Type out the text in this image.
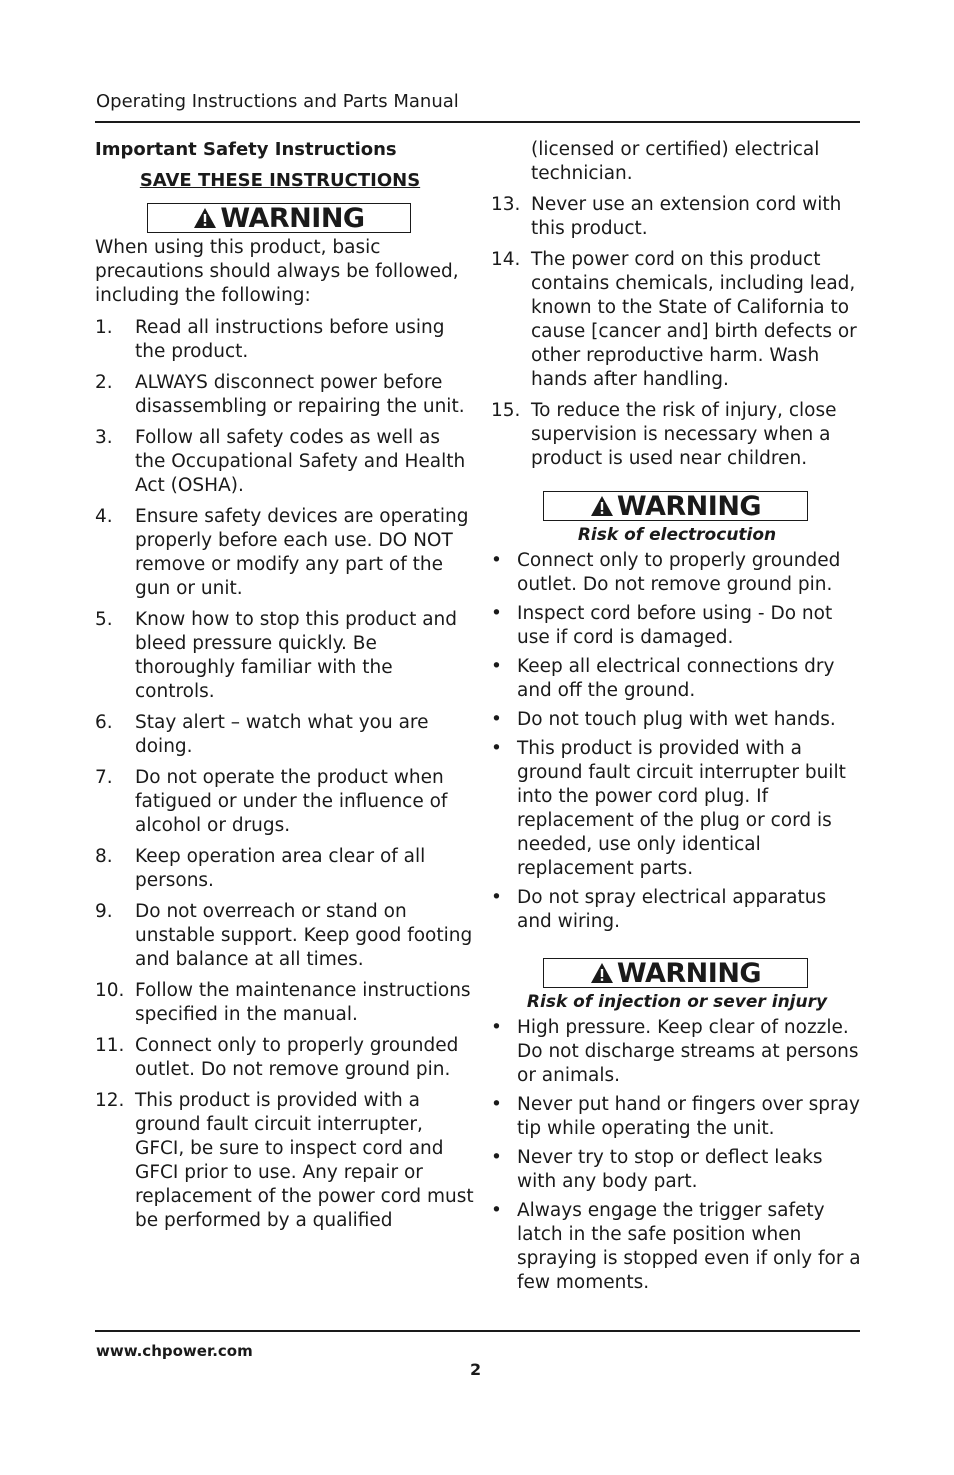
Operating Instructions and Parts Manual
Important Safety Instructions
SAVE THESE INSTRUCTIONS
WARNING

When using this product, basic precautions should always be followed, including the following:

1. Read all instructions before using the product.
2. ALWAYS disconnect power before disassembling or repairing the unit.
3. Follow all safety codes as well as the Occupational Safety and Health Act (OSHA).
4. Ensure safety devices are operating properly before each use. DO NOT remove or modify any part of the gun or unit.
5. Know how to stop this product and bleed pressure quickly. Be thoroughly familiar with the controls.
6. Stay alert – watch what you are doing.
7. Do not operate the product when fatigued or under the influence of alcohol or drugs.
8. Keep operation area clear of all persons.
9. Do not overreach or stand on unstable support. Keep good footing and balance at all times.
10. Follow the maintenance instructions specified in the manual.
11. Connect only to properly grounded outlet. Do not remove ground pin.
12. This product is provided with a ground fault circuit interrupter, GFCI, be sure to inspect cord and GFCI prior to use. Any repair or replacement of the power cord must be performed by a qualified

(licensed or certified) electrical technician.

13. Never use an extension cord with this product.
14. The power cord on this product contains chemicals, including lead, known to the State of California to cause [cancer and] birth defects or other reproductive harm. Wash hands after handling.
15. To reduce the risk of injury, close supervision is necessary when a product is used near children.
WARNING
Risk of electrocution
• Connect only to properly grounded outlet. Do not remove ground pin.
• Inspect cord before using - Do not use if cord is damaged.
• Keep all electrical connections dry and off the ground.
• Do not touch plug with wet hands.
• This product is provided with a ground fault circuit interrupter built into the power cord plug. If replacement of the plug or cord is needed, use only identical replacement parts.
• Do not spray electrical apparatus and wiring.
WARNING
Risk of injection or sever injury
• High pressure. Keep clear of nozzle. Do not discharge streams at persons or animals.
• Never put hand or fingers over spray tip while operating the unit.
• Never try to stop or deflect leaks with any body part.
• Always engage the trigger safety latch in the safe position when spraying is stopped even if only for a few moments.
www.chpower.com
2
